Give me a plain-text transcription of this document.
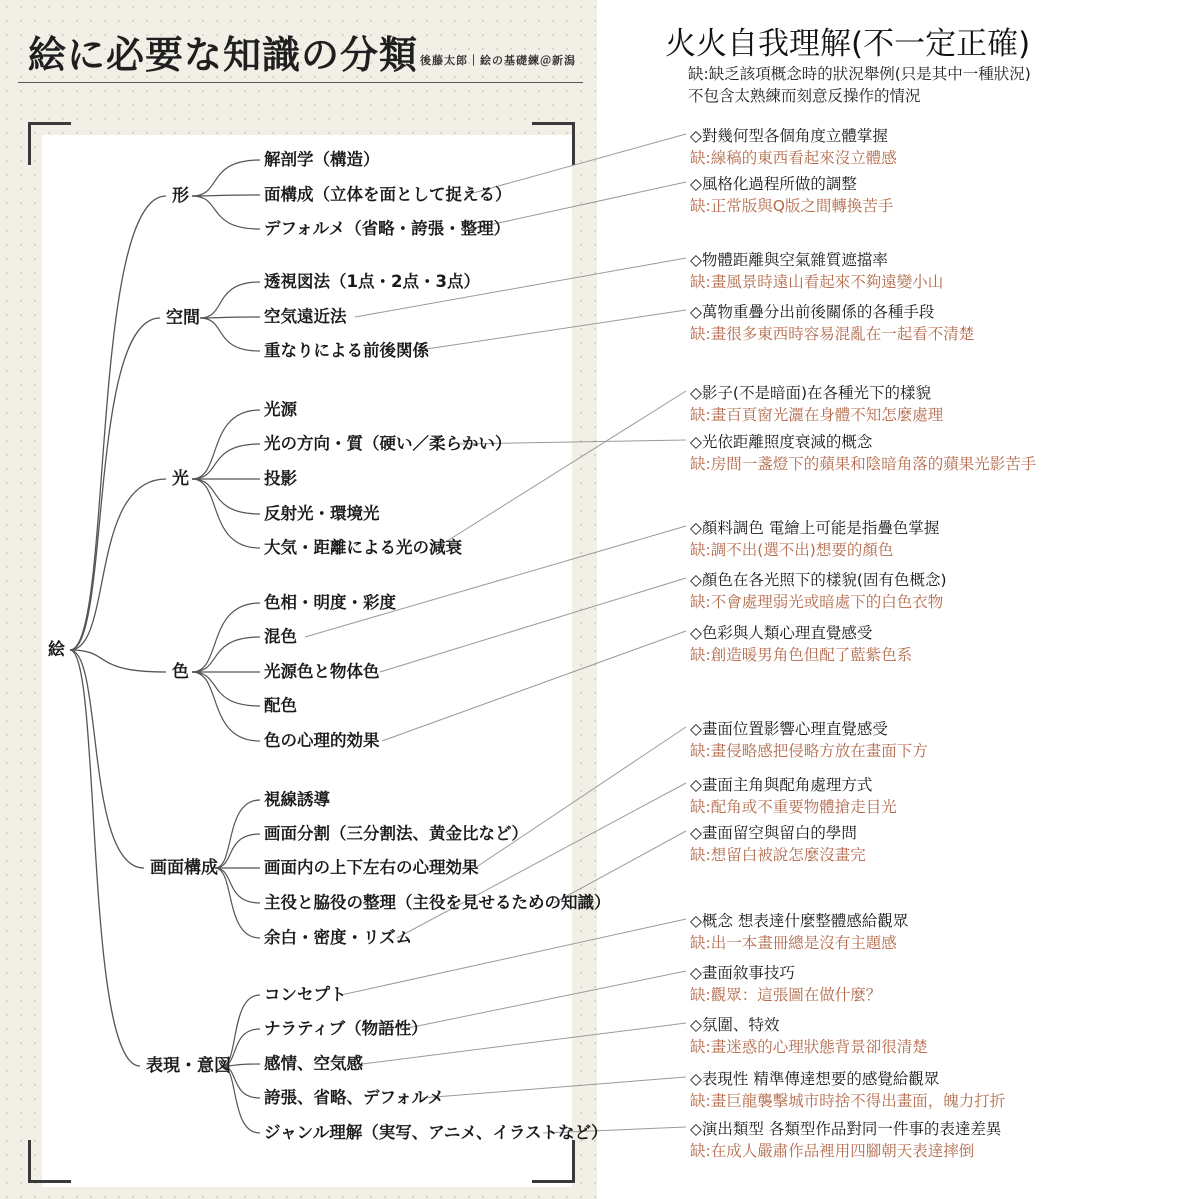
絵に必要な知識の分類 後藤太郎｜絵の基礎練＠新潟
絵
形
解剖学（構造）
面構成（立体を面として捉える）
デフォルメ（省略・誇張・整理）
空間
透視図法（1点・2点・3点）
空気遠近法
重なりによる前後関係
光
光源
光の方向・質（硬い／柔らかい）
投影
反射光・環境光
大気・距離による光の減衰
色
色相・明度・彩度
混色
光源色と物体色
配色
色の心理的効果
画面構成
視線誘導
画面分割（三分割法、黄金比など）
画面内の上下左右の心理効果
主役と脇役の整理（主役を見せるための知識）
余白・密度・リズム
表現・意図
コンセプト
ナラティブ（物語性）
感情、空気感
誇張、省略、デフォルメ
ジャンル理解（実写、アニメ、イラストなど）
火火自我理解(不一定正確)
缺:缺乏該項概念時的狀況舉例(只是其中一種狀況)
不包含太熟練而刻意反操作的情況
◇對幾何型各個角度立體掌握
缺:線稿的東西看起來沒立體感
◇風格化過程所做的調整
缺:正常版與Q版之間轉換苦手
◇物體距離與空氣雜質遮擋率
缺:畫風景時遠山看起來不夠遠變小山
◇萬物重疊分出前後關係的各種手段
缺:畫很多東西時容易混亂在一起看不清楚
◇影子(不是暗面)在各種光下的樣貌
缺:畫百頁窗光灑在身體不知怎麼處理
◇光依距離照度衰減的概念
缺:房間一盞燈下的蘋果和陰暗角落的蘋果光影苦手
◇顏料調色 電繪上可能是指疊色掌握
缺:調不出(選不出)想要的顏色
◇顏色在各光照下的樣貌(固有色概念)
缺:不會處理弱光或暗處下的白色衣物
◇色彩與人類心理直覺感受
缺:創造暖男角色但配了藍紫色系
◇畫面位置影響心理直覺感受
缺:畫侵略感把侵略方放在畫面下方
◇畫面主角與配角處理方式
缺:配角或不重要物體搶走目光
◇畫面留空與留白的學問
缺:想留白被說怎麼沒畫完
◇概念 想表達什麼整體感給觀眾
缺:出一本畫冊總是沒有主題感
◇畫面敘事技巧
缺:觀眾：這張圖在做什麼？
◇氛圍、特效
缺:畫迷惑的心理狀態背景卻很清楚
◇表現性 精準傳達想要的感覺給觀眾
缺:畫巨龍襲擊城市時捨不得出畫面，魄力打折
◇演出類型 各類型作品對同一件事的表達差異
缺:在成人嚴肅作品裡用四腳朝天表達摔倒
